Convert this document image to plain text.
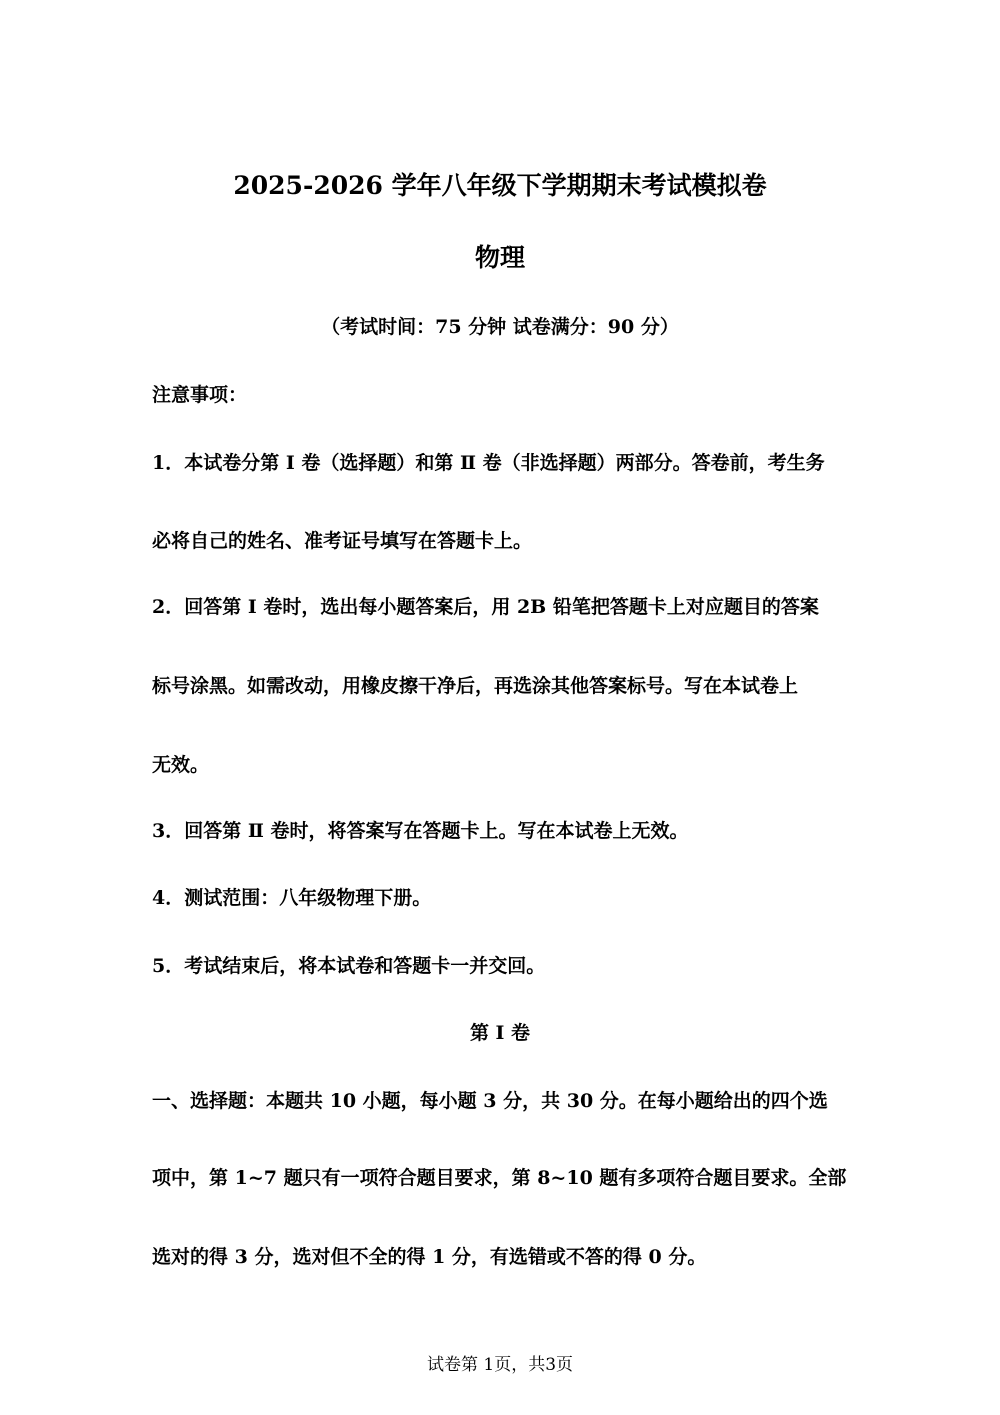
2025-2026 学年八年级下学期期末考试模拟卷
物理
（考试时间：75 分钟 试卷满分：90 分）
注意事项：
1．本试卷分第 Ⅰ 卷（选择题）和第 Ⅱ 卷（非选择题）两部分。答卷前，考生务
必将自己的姓名、准考证号填写在答题卡上。
2．回答第 Ⅰ 卷时，选出每小题答案后，用 2B 铅笔把答题卡上对应题目的答案
标号涂黑。如需改动，用橡皮擦干净后，再选涂其他答案标号。写在本试卷上
无效。
3．回答第 Ⅱ 卷时，将答案写在答题卡上。写在本试卷上无效。
4．测试范围：八年级物理下册。
5．考试结束后，将本试卷和答题卡一并交回。
第 Ⅰ 卷
一、选择题：本题共 10 小题，每小题 3 分，共 30 分。在每小题给出的四个选
项中，第 1~7 题只有一项符合题目要求，第 8~10 题有多项符合题目要求。全部
选对的得 3 分，选对但不全的得 1 分，有选错或不答的得 0 分。
试卷第 1页，共3页
